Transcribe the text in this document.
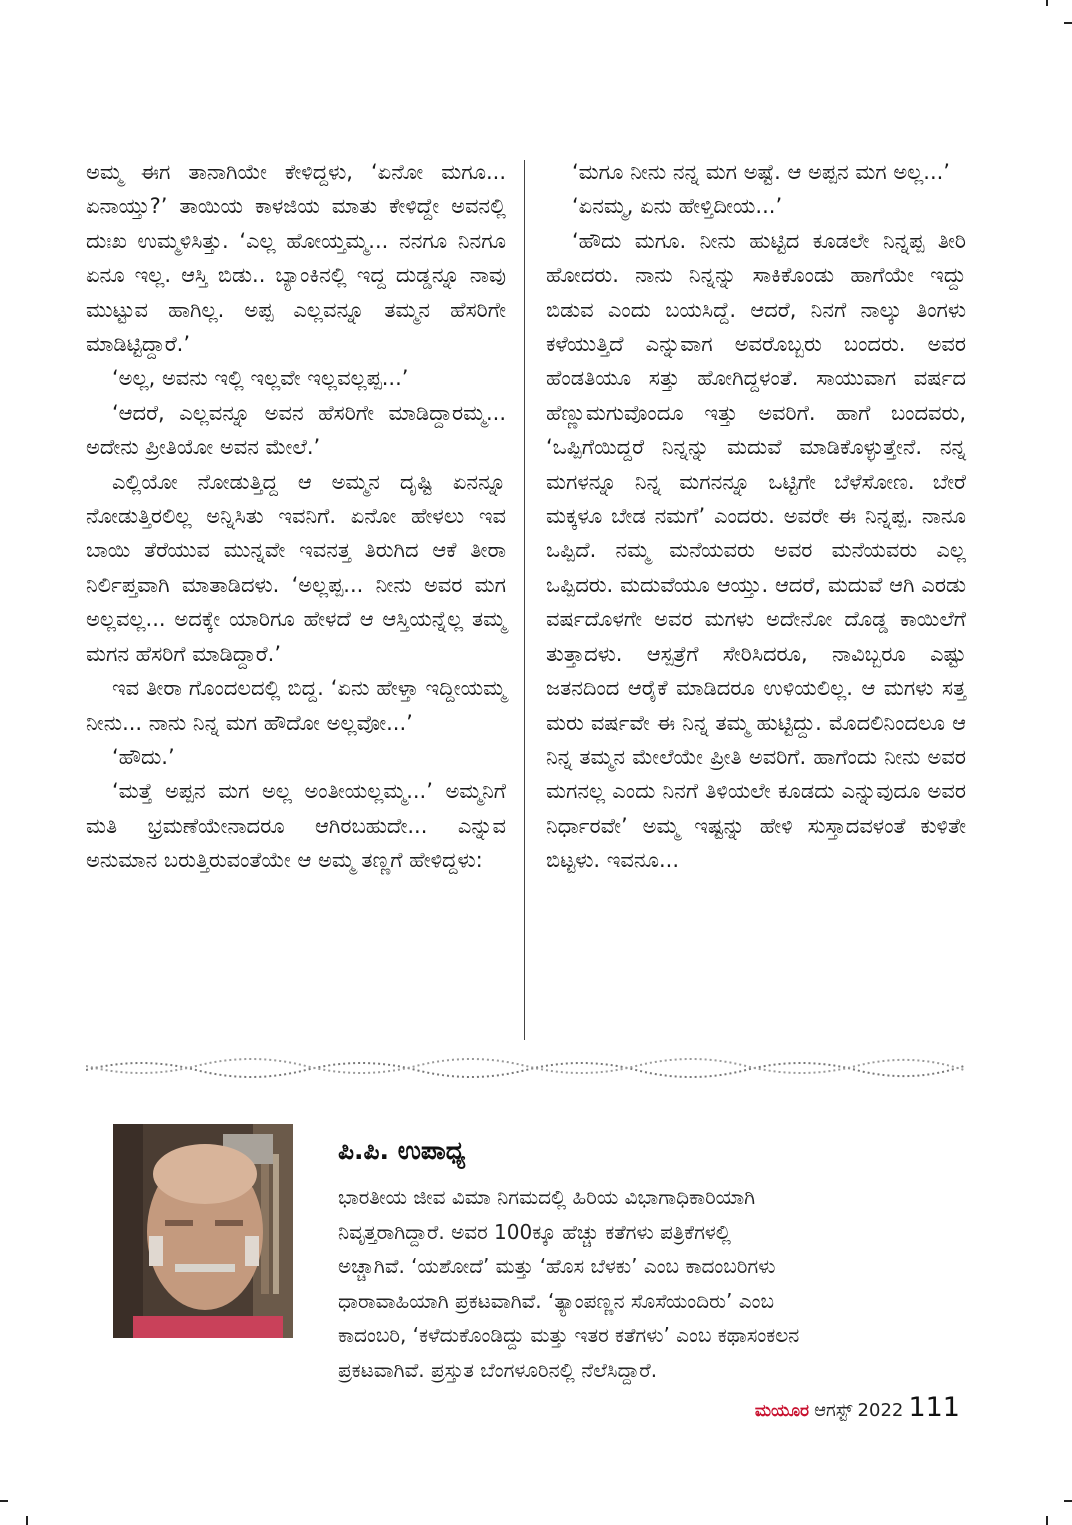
ಅಮ್ಮ ಈಗ ತಾನಾಗಿಯೇ ಕೇಳಿದ್ದಳು, ‘ಏನೋ ಮಗೂ... ಏನಾಯ್ತು?’ ತಾಯಿಯ ಕಾಳಜಿಯ ಮಾತು ಕೇಳಿದ್ದೇ ಅವನಲ್ಲಿ ದುಃಖ ಉಮ್ಮಳಿಸಿತ್ತು. ‘ಎಲ್ಲ ಹೋಯ್ತಮ್ಮ... ನನಗೂ ನಿನಗೂ ಏನೂ ಇಲ್ಲ. ಆಸ್ತಿ ಬಿಡು.. ಬ್ಯಾಂಕಿನಲ್ಲಿ ಇದ್ದ ದುಡ್ಡನ್ನೂ ನಾವು ಮುಟ್ಟುವ ಹಾಗಿಲ್ಲ. ಅಪ್ಪ ಎಲ್ಲವನ್ನೂ ತಮ್ಮನ ಹೆಸರಿಗೇ ಮಾಡಿಟ್ಟಿದ್ದಾರೆ.’

‘ಅಲ್ಲ, ಅವನು ಇಲ್ಲಿ ಇಲ್ಲವೇ ಇಲ್ಲವಲ್ಲಪ್ಪ...’

‘ಆದರೆ, ಎಲ್ಲವನ್ನೂ ಅವನ ಹೆಸರಿಗೇ ಮಾಡಿದ್ದಾರಮ್ಮ... ಅದೇನು ಪ್ರೀತಿಯೋ ಅವನ ಮೇಲೆ.’

ಎಲ್ಲಿಯೋ ನೋಡುತ್ತಿದ್ದ ಆ ಅಮ್ಮನ ದೃಷ್ಟಿ ಏನನ್ನೂ ನೋಡುತ್ತಿರಲಿಲ್ಲ ಅನ್ನಿಸಿತು ಇವನಿಗೆ. ಏನೋ ಹೇಳಲು ಇವ ಬಾಯಿ ತೆರೆಯುವ ಮುನ್ನವೇ ಇವನತ್ತ ತಿರುಗಿದ ಆಕೆ ತೀರಾ ನಿರ್ಲಿಪ್ತವಾಗಿ ಮಾತಾಡಿದಳು. ‘ಅಲ್ಲಪ್ಪ... ನೀನು ಅವರ ಮಗ ಅಲ್ಲವಲ್ಲ... ಅದಕ್ಕೇ ಯಾರಿಗೂ ಹೇಳದೆ ಆ ಆಸ್ತಿಯನ್ನೆಲ್ಲ ತಮ್ಮ ಮಗನ ಹೆಸರಿಗೆ ಮಾಡಿದ್ದಾರೆ.’

ಇವ ತೀರಾ ಗೊಂದಲದಲ್ಲಿ ಬಿದ್ದ. ‘ಏನು ಹೇಳ್ತಾ ಇದ್ದೀಯಮ್ಮ ನೀನು... ನಾನು ನಿನ್ನ ಮಗ ಹೌದೋ ಅಲ್ಲವೋ...’

‘ಹೌದು.’

‘ಮತ್ತೆ ಅಪ್ಪನ ಮಗ ಅಲ್ಲ ಅಂತೀಯಲ್ಲಮ್ಮ...’ ಅಮ್ಮನಿಗೆ ಮತಿ ಭ್ರಮಣೆಯೇನಾದರೂ ಆಗಿರಬಹುದೇ... ಎನ್ನುವ ಅನುಮಾನ ಬರುತ್ತಿರುವಂತೆಯೇ ಆ ಅಮ್ಮ ತಣ್ಣಗೆ ಹೇಳಿದ್ದಳು:

‘ಮಗೂ ನೀನು ನನ್ನ ಮಗ ಅಷ್ಟೆ. ಆ ಅಪ್ಪನ ಮಗ ಅಲ್ಲ...’

‘ಏನಮ್ಮ, ಏನು ಹೇಳ್ತಿದೀಯ...’

‘ಹೌದು ಮಗೂ. ನೀನು ಹುಟ್ಟಿದ ಕೂಡಲೇ ನಿನ್ನಪ್ಪ ತೀರಿ ಹೋದರು. ನಾನು ನಿನ್ನನ್ನು ಸಾಕಿಕೊಂಡು ಹಾಗೆಯೇ ಇದ್ದು ಬಿಡುವ ಎಂದು ಬಯಸಿದ್ದೆ. ಆದರೆ, ನಿನಗೆ ನಾಲ್ಕು ತಿಂಗಳು ಕಳೆಯುತ್ತಿದೆ ಎನ್ನುವಾಗ ಅವರೊಬ್ಬರು ಬಂದರು. ಅವರ ಹೆಂಡತಿಯೂ ಸತ್ತು ಹೋಗಿದ್ದಳಂತೆ. ಸಾಯುವಾಗ ವರ್ಷದ ಹೆಣ್ಣುಮಗುವೊಂದೂ ಇತ್ತು ಅವರಿಗೆ. ಹಾಗೆ ಬಂದವರು, ‘ಒಪ್ಪಿಗೆಯಿದ್ದರೆ ನಿನ್ನನ್ನು ಮದುವೆ ಮಾಡಿಕೊಳ್ಳುತ್ತೇನೆ. ನನ್ನ ಮಗಳನ್ನೂ ನಿನ್ನ ಮಗನನ್ನೂ ಒಟ್ಟಿಗೇ ಬೆಳೆಸೋಣ. ಬೇರೆ ಮಕ್ಕಳೂ ಬೇಡ ನಮಗೆ’ ಎಂದರು. ಅವರೇ ಈ ನಿನ್ನಪ್ಪ. ನಾನೂ ಒಪ್ಪಿದೆ. ನಮ್ಮ ಮನೆಯವರು ಅವರ ಮನೆಯವರು ಎಲ್ಲ ಒಪ್ಪಿದರು. ಮದುವೆಯೂ ಆಯ್ತು. ಆದರೆ, ಮದುವೆ ಆಗಿ ಎರಡು ವರ್ಷದೊಳಗೇ ಅವರ ಮಗಳು ಅದೇನೋ ದೊಡ್ಡ ಕಾಯಿಲೆಗೆ ತುತ್ತಾದಳು. ಆಸ್ಪತ್ರೆಗೆ ಸೇರಿಸಿದರೂ, ನಾವಿಬ್ಬರೂ ಎಷ್ಟು ಜತನದಿಂದ ಆರೈಕೆ ಮಾಡಿದರೂ ಉಳಿಯಲಿಲ್ಲ. ಆ ಮಗಳು ಸತ್ತ ಮರು ವರ್ಷವೇ ಈ ನಿನ್ನ ತಮ್ಮ ಹುಟ್ಟಿದ್ದು. ಮೊದಲಿನಿಂದಲೂ ಆ ನಿನ್ನ ತಮ್ಮನ ಮೇಲೆಯೇ ಪ್ರೀತಿ ಅವರಿಗೆ. ಹಾಗೆಂದು ನೀನು ಅವರ ಮಗನಲ್ಲ ಎಂದು ನಿನಗೆ ತಿಳಿಯಲೇ ಕೂಡದು ಎನ್ನುವುದೂ ಅವರ ನಿರ್ಧಾರವೇ’ ಅಮ್ಮ ಇಷ್ಟನ್ನು ಹೇಳಿ ಸುಸ್ತಾದವಳಂತೆ ಕುಳಿತೇ ಬಿಟ್ಟಳು. ಇವನೂ...

ಪಿ.ಪಿ. ಉಪಾಧ್ಯ

ಭಾರತೀಯ ಜೀವ ವಿಮಾ ನಿಗಮದಲ್ಲಿ ಹಿರಿಯ ವಿಭಾಗಾಧಿಕಾರಿಯಾಗಿ

ನಿವೃತ್ತರಾಗಿದ್ದಾರೆ. ಅವರ 100ಕ್ಕೂ ಹೆಚ್ಚು ಕತೆಗಳು ಪತ್ರಿಕೆಗಳಲ್ಲಿ

ಅಚ್ಚಾಗಿವೆ. ‘ಯಶೋದೆ’ ಮತ್ತು ‘ಹೊಸ ಬೆಳಕು’ ಎಂಬ ಕಾದಂಬರಿಗಳು

ಧಾರಾವಾಹಿಯಾಗಿ ಪ್ರಕಟವಾಗಿವೆ. ‘ತ್ಯಾಂಪಣ್ಣನ ಸೊಸೆಯಂದಿರು’ ಎಂಬ

ಕಾದಂಬರಿ, ‘ಕಳೆದುಕೊಂಡಿದ್ದು ಮತ್ತು ಇತರ ಕತೆಗಳು’ ಎಂಬ ಕಥಾಸಂಕಲನ

ಪ್ರಕಟವಾಗಿವೆ. ಪ್ರಸ್ತುತ ಬೆಂಗಳೂರಿನಲ್ಲಿ ನೆಲೆಸಿದ್ದಾರೆ.

ಮಯೂರ ಆಗಸ್ಟ್ 2022 111
